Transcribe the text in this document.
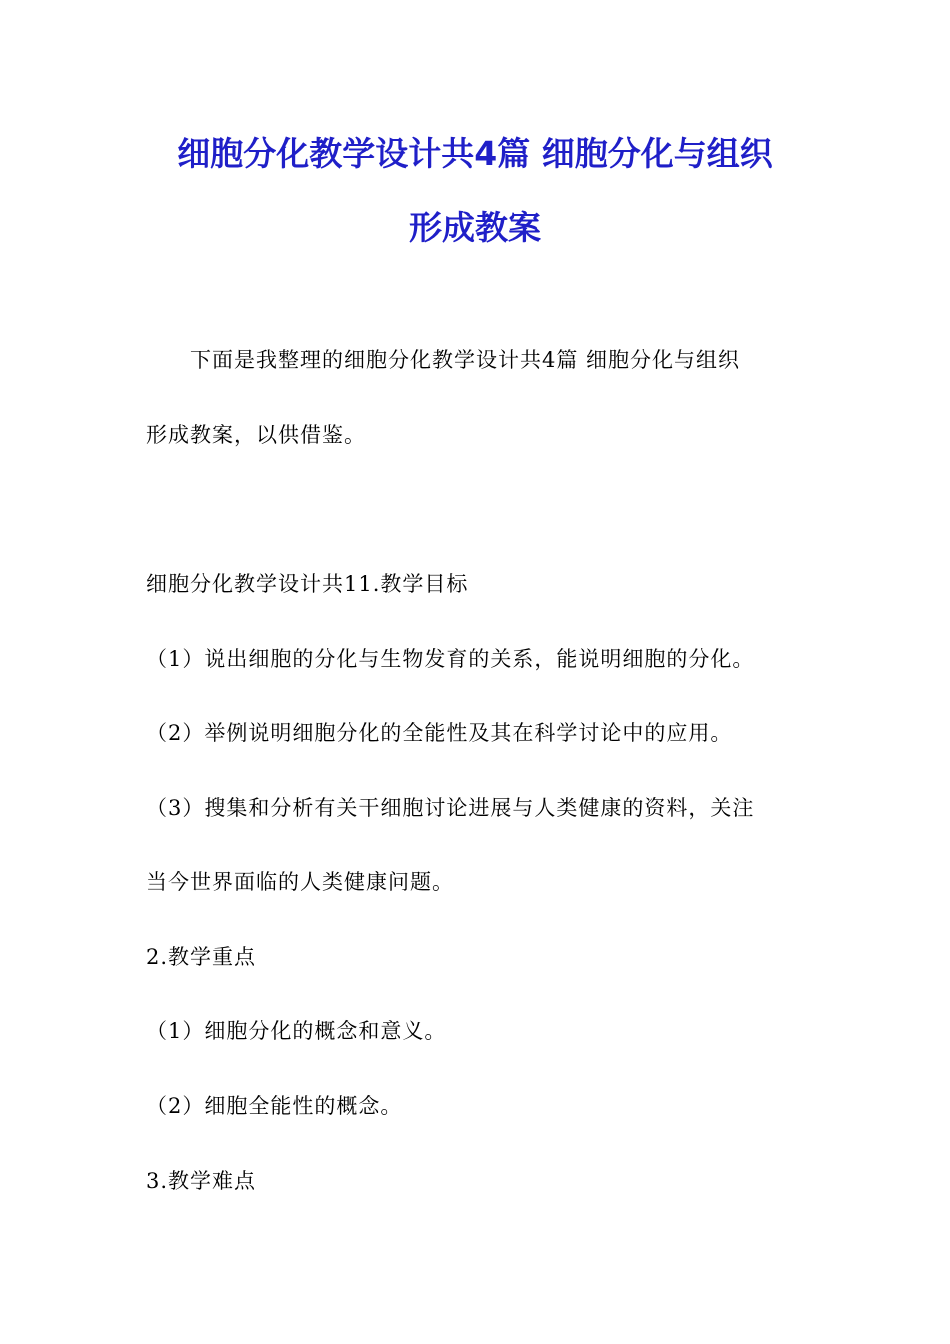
细胞分化教学设计共4篇 细胞分化与组织
形成教案
下面是我整理的细胞分化教学设计共4篇 细胞分化与组织
形成教案，以供借鉴。
细胞分化教学设计共11.教学目标
（1）说出细胞的分化与生物发育的关系，能说明细胞的分化。
（2）举例说明细胞分化的全能性及其在科学讨论中的应用。
（3）搜集和分析有关干细胞讨论进展与人类健康的资料，关注
当今世界面临的人类健康问题。
2.教学重点
（1）细胞分化的概念和意义。
（2）细胞全能性的概念。
3.教学难点
